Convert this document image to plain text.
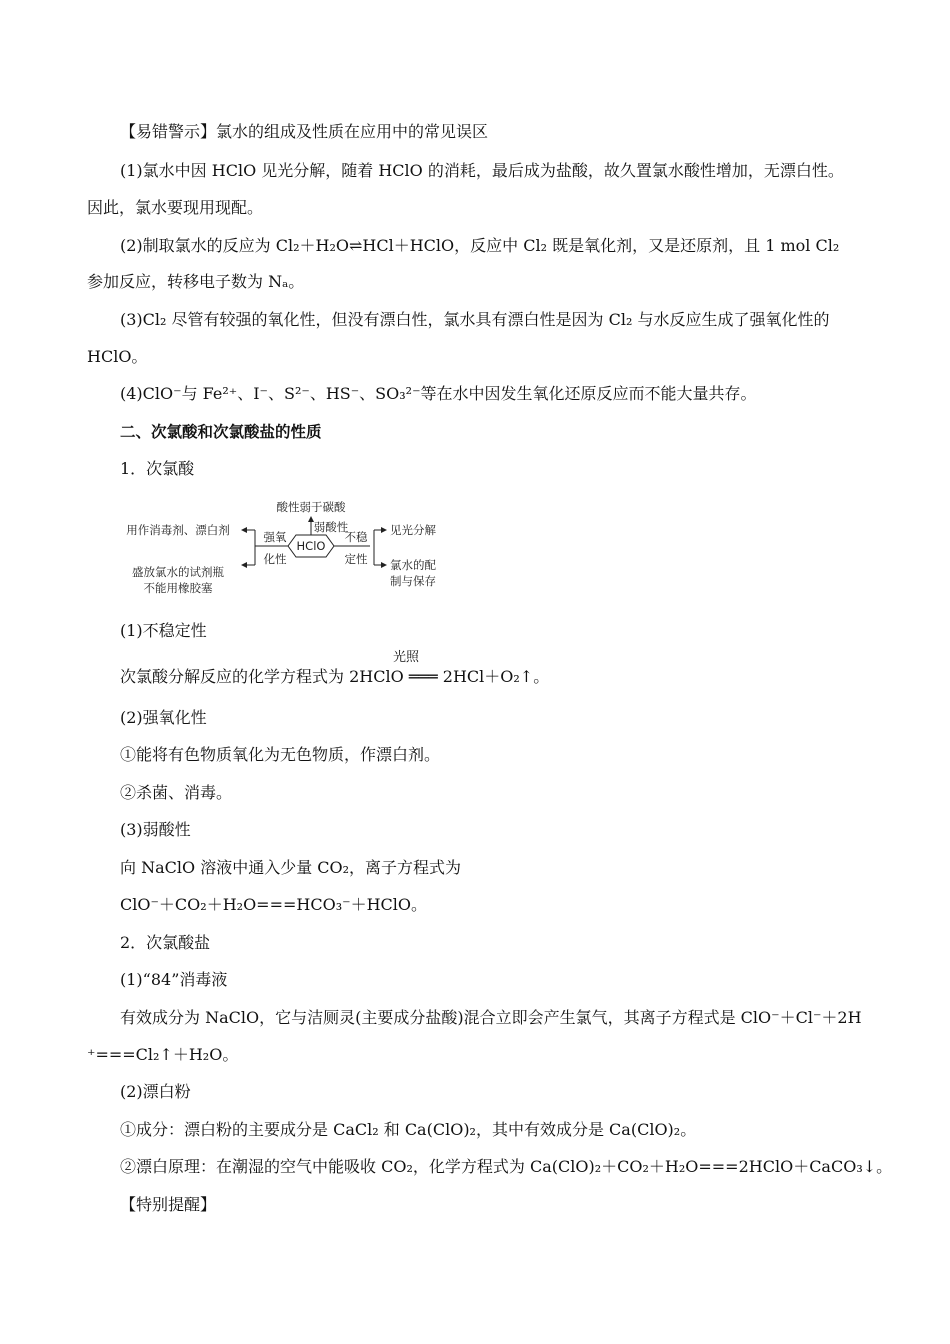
【易错警示】氯水的组成及性质在应用中的常见误区
(1)氯水中因 HClO 见光分解，随着 HClO 的消耗，最后成为盐酸，故久置氯水酸性增加，无漂白性。
因此，氯水要现用现配。
(2)制取氯水的反应为 Cl₂＋H₂O⇌HCl＋HClO，反应中 Cl₂ 既是氧化剂，又是还原剂，且 1 mol Cl₂
参加反应，转移电子数为 Nₐ。
(3)Cl₂ 尽管有较强的氧化性，但没有漂白性，氯水具有漂白性是因为 Cl₂ 与水反应生成了强氧化性的
HClO。
(4)ClO⁻与 Fe²⁺、I⁻、S²⁻、HS⁻、SO₃²⁻等在水中因发生氧化还原反应而不能大量共存。
二、次氯酸和次氯酸盐的性质
1．次氯酸
HClO
酸性弱于碳酸
弱酸性
强氧
化性
用作消毒剂、漂白剂
盛放氯水的试剂瓶
不能用橡胶塞
不稳
定性
见光分解
氯水的配
制与保存
(1)不稳定性
光照
次氯酸分解反应的化学方程式为 2HClO ═══ 2HCl＋O₂↑。
(2)强氧化性
①能将有色物质氧化为无色物质，作漂白剂。
②杀菌、消毒。
(3)弱酸性
向 NaClO 溶液中通入少量 CO₂，离子方程式为
ClO⁻＋CO₂＋H₂O===HCO₃⁻＋HClO。
2．次氯酸盐
(1)“84”消毒液
有效成分为 NaClO，它与洁厕灵(主要成分盐酸)混合立即会产生氯气，其离子方程式是 ClO⁻＋Cl⁻＋2H
⁺===Cl₂↑＋H₂O。
(2)漂白粉
①成分：漂白粉的主要成分是 CaCl₂ 和 Ca(ClO)₂，其中有效成分是 Ca(ClO)₂。
②漂白原理：在潮湿的空气中能吸收 CO₂，化学方程式为 Ca(ClO)₂＋CO₂＋H₂O===2HClO＋CaCO₃↓。
【特别提醒】
